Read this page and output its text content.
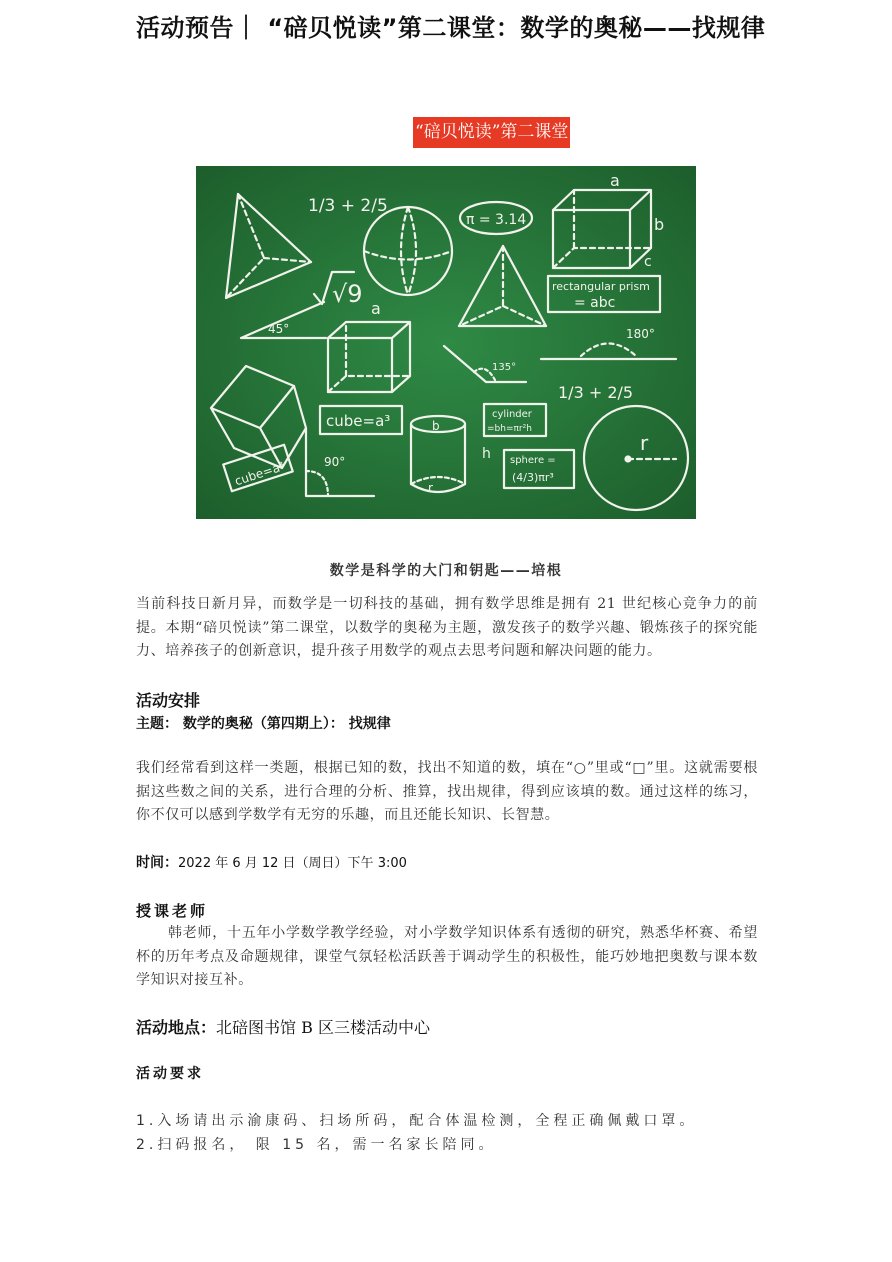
活动预告｜ “碚贝悦读”第二课堂：数学的奥秘——找规律
“碚贝悦读”第二课堂
1/3 + 2/5
√9
π = 3.14
a
b
c
rectangular prism
= abc
45°
a
135°
180°
1/3 + 2/5
cube=a³
cube=a³
90°
b
h
r
cylinder
=bh=πr²h
sphere =
(4/3)πr³
r
数学是科学的大门和钥匙——培根
当前科技日新月异，而数学是一切科技的基础，拥有数学思维是拥有 21 世纪核心竞争力的前提。本期“碚贝悦读”第二课堂，以数学的奥秘为主题，激发孩子的数学兴趣、锻炼孩子的探究能力、培养孩子的创新意识，提升孩子用数学的观点去思考问题和解决问题的能力。
活动安排
主题： 数学的奥秘（第四期上）： 找规律
我们经常看到这样一类题，根据已知的数，找出不知道的数，填在“○”里或“□”里。这就需要根据这些数之间的关系，进行合理的分析、推算，找出规律，得到应该填的数。通过这样的练习，你不仅可以感到学数学有无穷的乐趣，而且还能长知识、长智慧。
时间：2022 年 6 月 12 日（周日）下午 3:00
授课老师
韩老师，十五年小学数学教学经验，对小学数学知识体系有透彻的研究，熟悉华杯赛、希望杯的历年考点及命题规律，课堂气氛轻松活跃善于调动学生的积极性，能巧妙地把奥数与课本数学知识对接互补。
活动地点：北碚图书馆 B 区三楼活动中心
活动要求
1.入场请出示渝康码、扫场所码，配合体温检测，全程正确佩戴口罩。
2.扫码报名， 限 15 名，需一名家长陪同。
